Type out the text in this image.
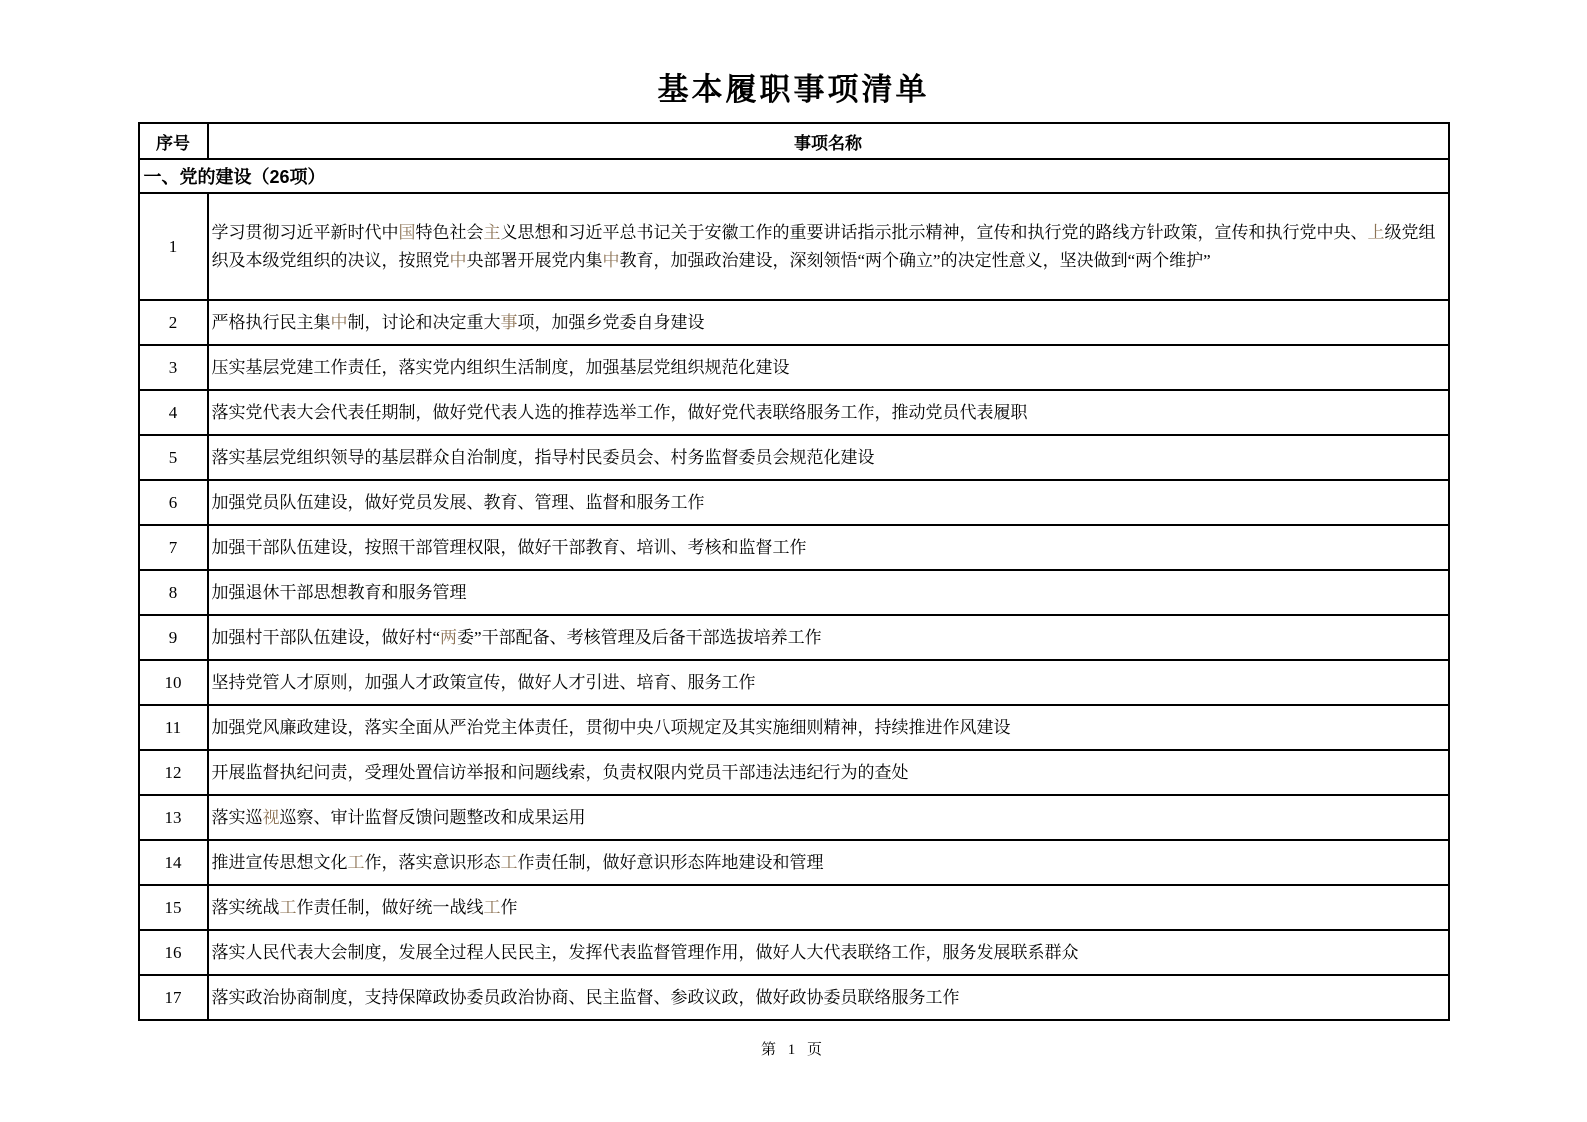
基本履职事项清单
序号	事项名称
一、党的建设（26项）	
1	学习贯彻习近平新时代中国特色社会主义思想和习近平总书记关于安徽工作的重要讲话指示批示精神，宣传和执行党的路线方针政策，宣传和执行党中央、上级党组织及本级党组织的决议，按照党中央部署开展党内集中教育，加强政治建设，深刻领悟“两个确立”的决定性意义，坚决做到“两个维护”
2	严格执行民主集中制，讨论和决定重大事项，加强乡党委自身建设
3	压实基层党建工作责任，落实党内组织生活制度，加强基层党组织规范化建设
4	落实党代表大会代表任期制，做好党代表人选的推荐选举工作，做好党代表联络服务工作，推动党员代表履职
5	落实基层党组织领导的基层群众自治制度，指导村民委员会、村务监督委员会规范化建设
6	加强党员队伍建设，做好党员发展、教育、管理、监督和服务工作
7	加强干部队伍建设，按照干部管理权限，做好干部教育、培训、考核和监督工作
8	加强退休干部思想教育和服务管理
9	加强村干部队伍建设，做好村“两委”干部配备、考核管理及后备干部选拔培养工作
10	坚持党管人才原则，加强人才政策宣传，做好人才引进、培育、服务工作
11	加强党风廉政建设，落实全面从严治党主体责任，贯彻中央八项规定及其实施细则精神，持续推进作风建设
12	开展监督执纪问责，受理处置信访举报和问题线索，负责权限内党员干部违法违纪行为的查处
13	落实巡视巡察、审计监督反馈问题整改和成果运用
14	推进宣传思想文化工作，落实意识形态工作责任制，做好意识形态阵地建设和管理
15	落实统战工作责任制，做好统一战线工作
16	落实人民代表大会制度，发展全过程人民民主，发挥代表监督管理作用，做好人大代表联络工作，服务发展联系群众
17	落实政治协商制度，支持保障政协委员政治协商、民主监督、参政议政，做好政协委员联络服务工作
第 1 页
